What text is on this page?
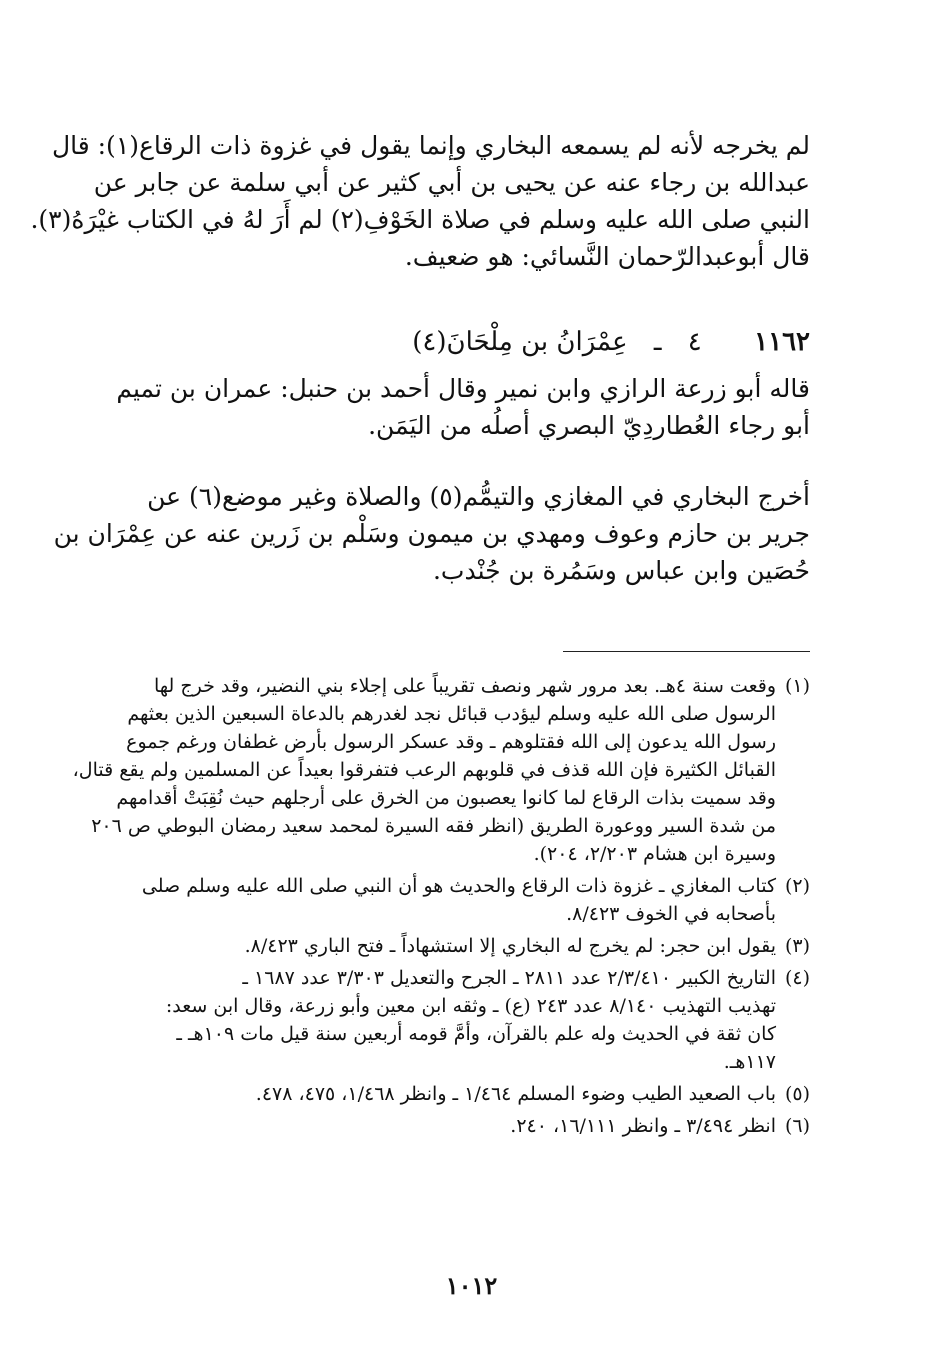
لم يخرجه لأنه لم يسمعه البخاري وإنما يقول في غزوة ذات الرقاع(١): قال
عبدالله بن رجاء عنه عن يحيى بن أبي كثير عن أبي سلمة عن جابر عن
النبي صلى الله عليه وسلم في صلاة الخَوْفِ(٢) لم أَرَ لهُ في الكتاب غيْرَهُ(٣).
قال أبوعبدالرّحمان النَّسائي: هو ضعيف.
١١٦٢ ٤ ـ عِمْرَانُ بن مِلْحَانَ(٤)
قاله أبو زرعة الرازي وابن نمير وقال أحمد بن حنبل: عمران بن تميم
أبو رجاء العُطاردِيّ البصري أصلُه من اليَمَن.
أخرج البخاري في المغازي والتيمُّم(٥) والصلاة وغير موضع(٦) عن
جرير بن حازم وعوف ومهدي بن ميمون وسَلْم بن زَرين عنه عن عِمْرَان بن
حُصَين وابن عباس وسَمُرة بن جُنْدب.
(١)
وقعت سنة ٤هـ. بعد مرور شهر ونصف تقريباً على إجلاء بني النضير، وقد خرج لها
الرسول صلى الله عليه وسلم ليؤدب قبائل نجد لغدرهم بالدعاة السبعين الذين بعثهم
رسول الله يدعون إلى الله فقتلوهم ـ وقد عسكر الرسول بأرض غطفان ورغم جموع
القبائل الكثيرة فإن الله قذف في قلوبهم الرعب فتفرقوا بعيداً عن المسلمين ولم يقع قتال،
وقد سميت بذات الرقاع لما كانوا يعصبون من الخرق على أرجلهم حيث نُقِبَتْ أقدامهم
من شدة السير ووعورة الطريق (انظر فقه السيرة لمحمد سعيد رمضان البوطي ص ٢٠٦
وسيرة ابن هشام ٢/٢٠٣، ٢٠٤).
(٢)
كتاب المغازي ـ غزوة ذات الرقاع والحديث هو أن النبي صلى الله عليه وسلم صلى
بأصحابه في الخوف ٨/٤٢٣.
(٣)
يقول ابن حجر: لم يخرج له البخاري إلا استشهاداً ـ فتح الباري ٨/٤٢٣.
(٤)
التاريخ الكبير ٢/٣/٤١٠ عدد ٢٨١١ ـ الجرح والتعديل ٣/٣٠٣ عدد ١٦٨٧ ـ
تهذيب التهذيب ٨/١٤٠ عدد ٢٤٣ (ع) ـ وثقه ابن معين وأبو زرعة، وقال ابن سعد:
كان ثقة في الحديث وله علم بالقرآن، وأمَّ قومه أربعين سنة قيل مات ١٠٩هـ ـ
١١٧هـ.
(٥)
باب الصعيد الطيب وضوء المسلم ١/٤٦٤ ـ وانظر ١/٤٦٨، ٤٧٥، ٤٧٨.
(٦)
انظر ٣/٤٩٤ ـ وانظر ١٦/١١١، ٢٤٠.
١٠١٢
